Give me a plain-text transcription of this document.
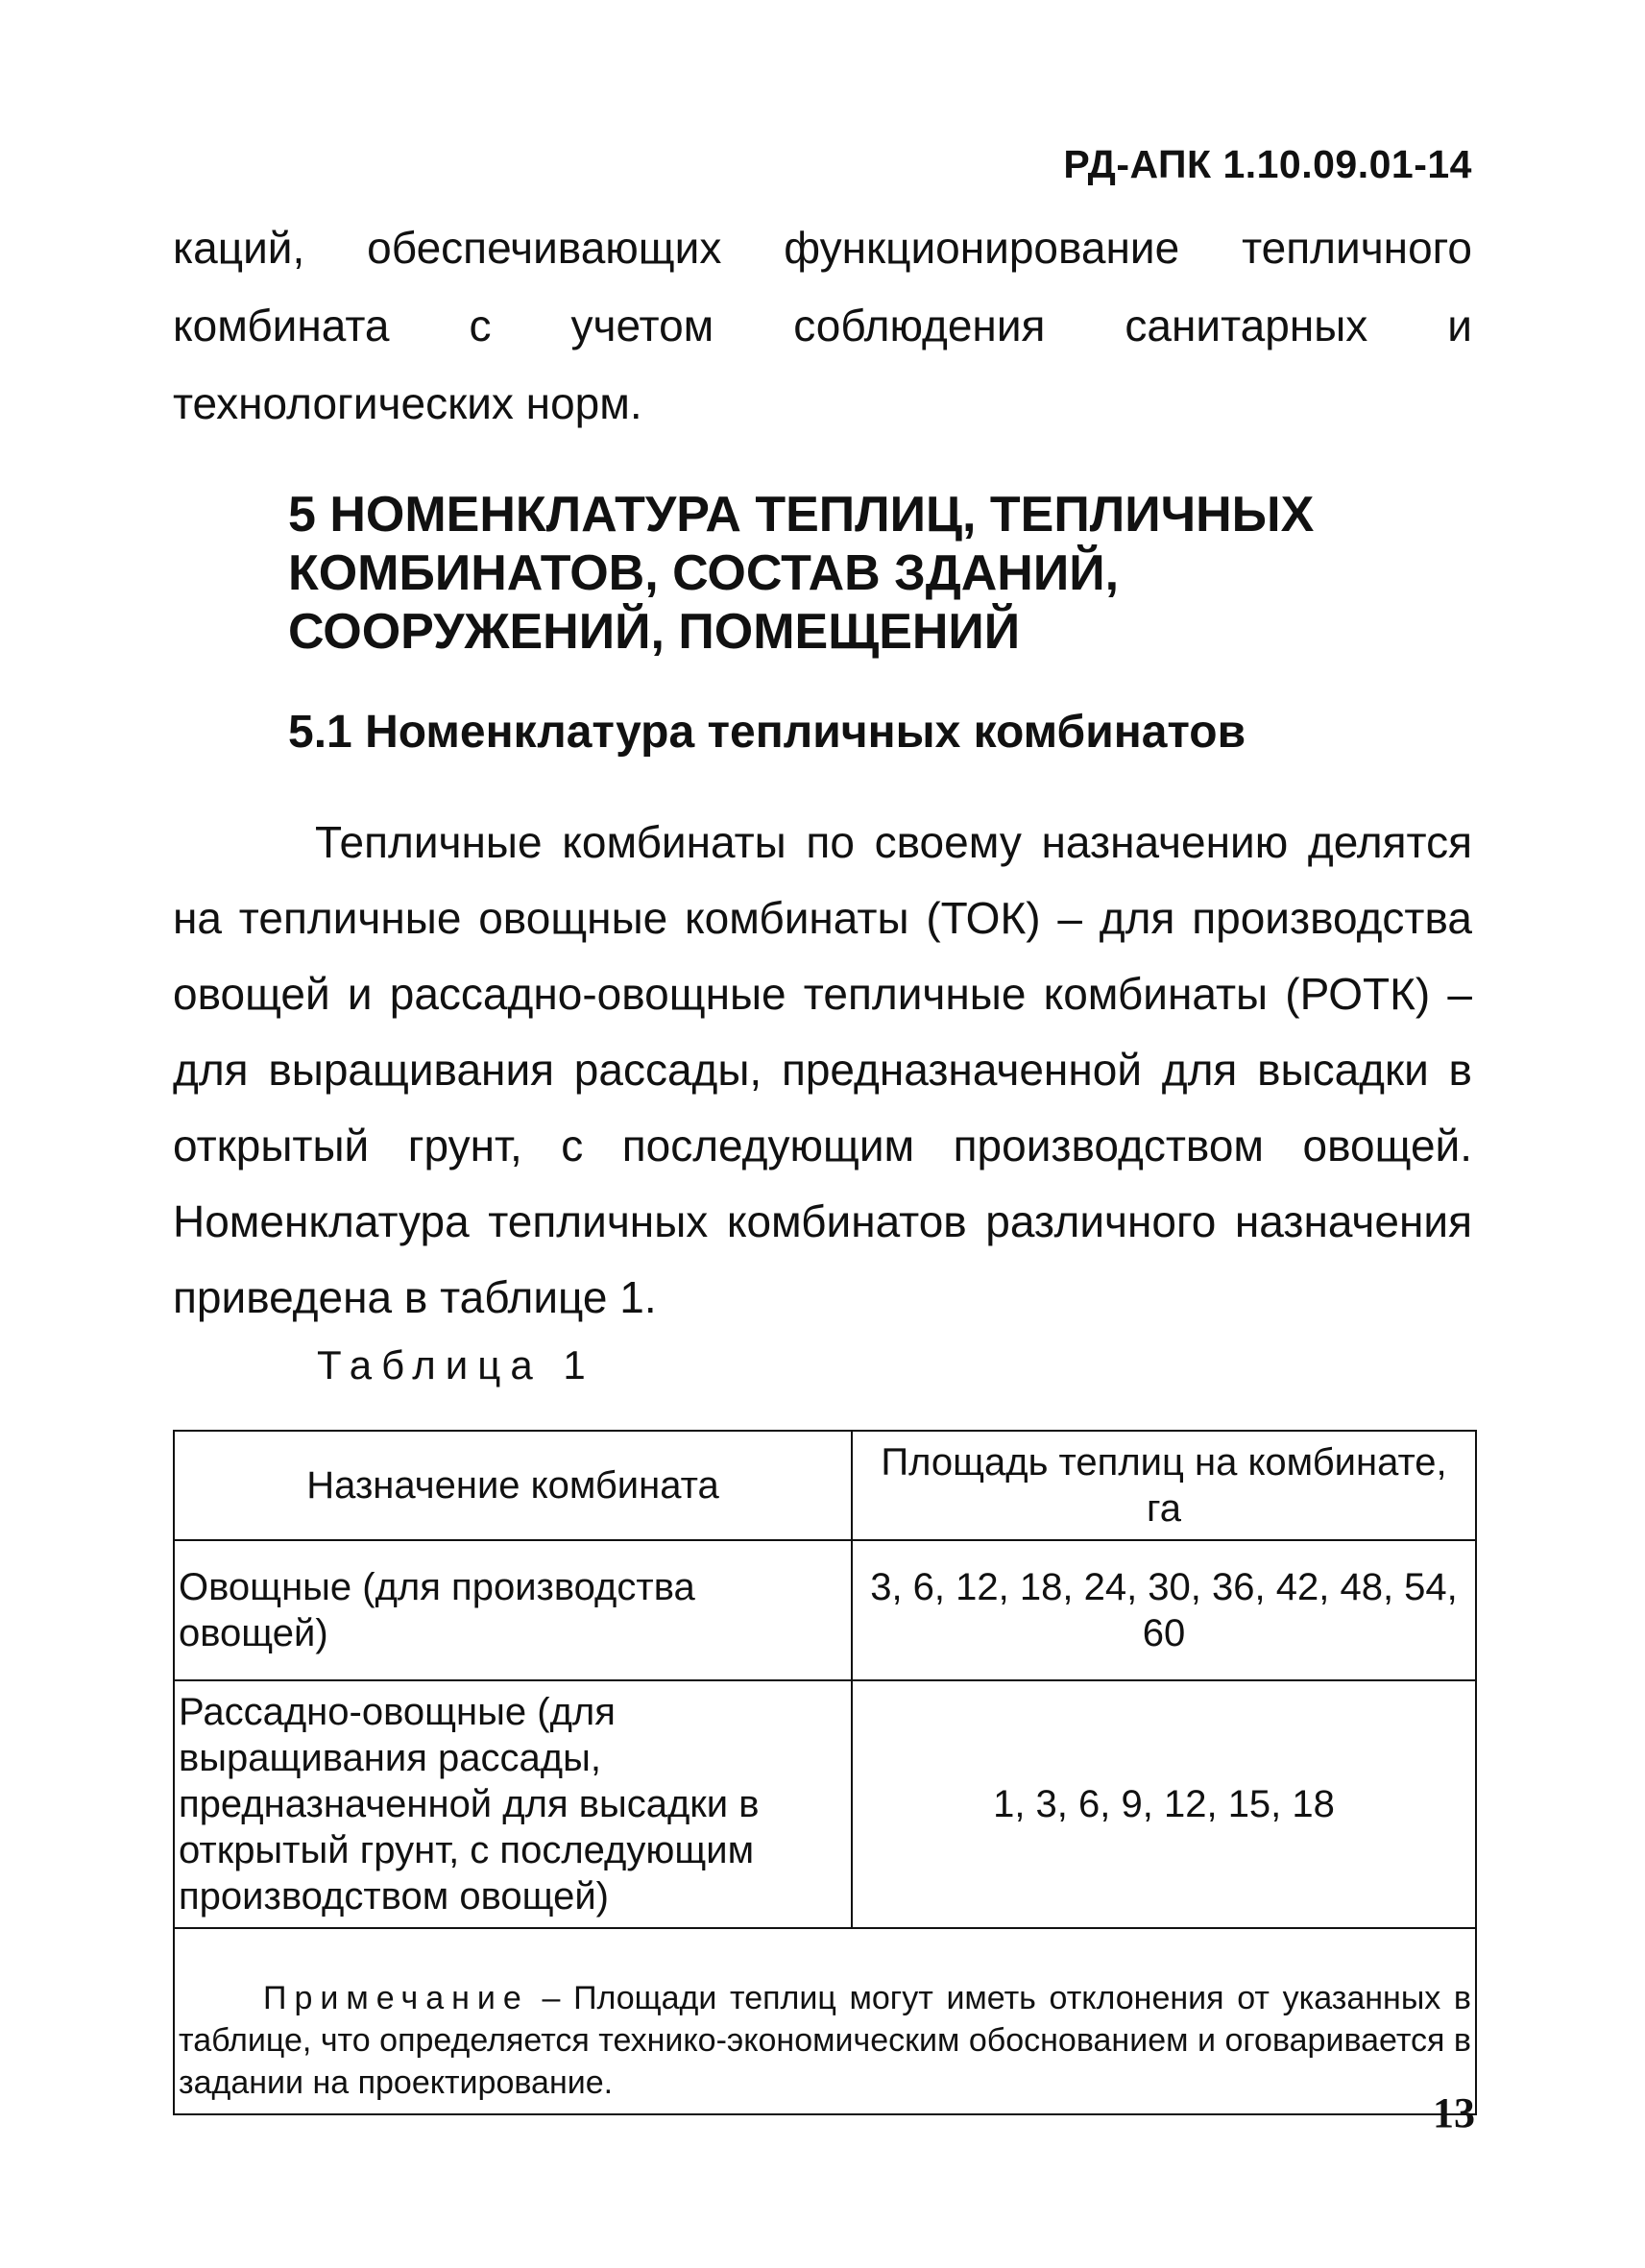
РД-АПК 1.10.09.01-14
каций, обеспечивающих функционирование тепличного комбината с учетом соблюдения санитарных и технологических норм.
5 НОМЕНКЛАТУРА ТЕПЛИЦ, ТЕПЛИЧНЫХ КОМБИНАТОВ, СОСТАВ ЗДАНИЙ, СООРУЖЕНИЙ, ПОМЕЩЕНИЙ
5.1 Номенклатура тепличных комбинатов
Тепличные комбинаты по своему назначению делятся на тепличные овощные комбинаты (ТОК) – для производства овощей и рассадно-овощные тепличные комбинаты (РОТК) – для выращивания рассады, предназначенной для высадки в открытый грунт, с последующим производством овощей. Номенклатура тепличных комбинатов различного назначения приведена в таблице 1.
Таблица 1
Назначение комбината	Площадь теплиц на комбинате, га
Овощные (для производства овощей)	3, 6, 12, 18, 24, 30, 36, 42, 48, 54, 60
Рассадно-овощные (для выращивания рассады, предназначенной для высадки в открытый грунт, с последующим производством овощей)	1, 3, 6, 9, 12, 15, 18
Примечание – Площади теплиц могут иметь отклонения от указанных в таблице, что определяется технико-экономическим обоснованием и оговаривается в задании на проектирование.	
13
